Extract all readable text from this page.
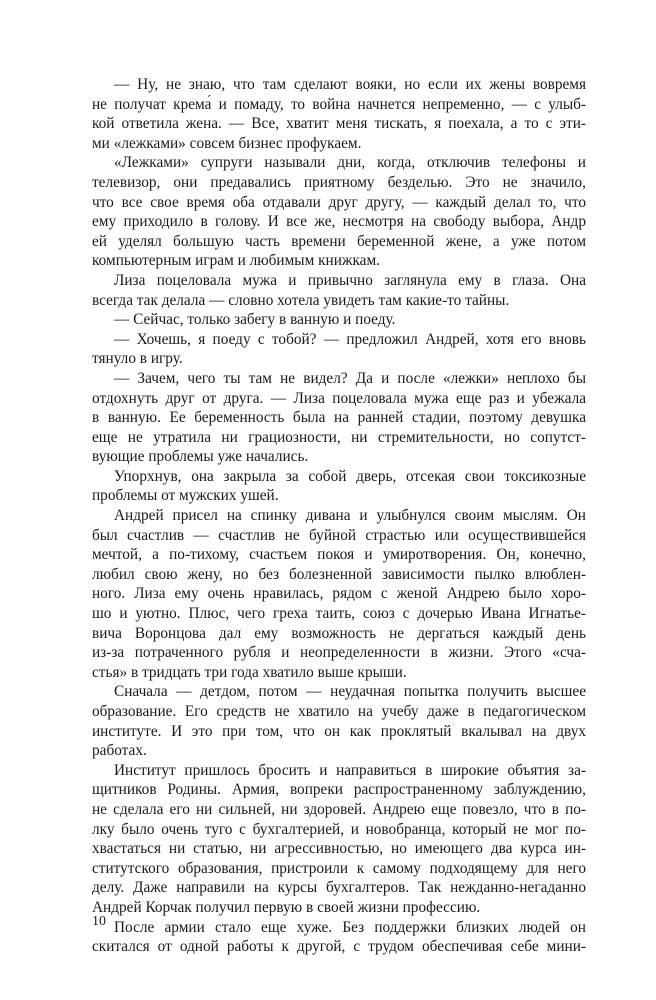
— Ну, не знаю, что там сделают вояки, но если их жены вовремя
не получат крема́ и помаду, то война начнется непременно, — с улыб-
кой ответила жена. — Все, хватит меня тискать, я поехала, а то с эти-
ми «лежками» совсем бизнес профукаем.

«Лежками» супруги называли дни, когда, отключив телефоны и
телевизор, они предавались приятному безделью. Это не значило,
что все свое время оба отдавали друг другу, — каждый делал то, что
ему приходило в голову. И все же, несмотря на свободу выбора, Андр
ей уделял большую часть времени беременной жене, а уже потом
компьютерным играм и любимым книжкам.

Лиза поцеловала мужа и привычно заглянула ему в глаза. Она
всегда так делала — словно хотела увидеть там какие-то тайны.

— Сейчас, только забегу в ванную и поеду.

— Хочешь, я поеду с тобой? — предложил Андрей, хотя его вновь
тянуло в игру.

— Зачем, чего ты там не видел? Да и после «лежки» неплохо бы
отдохнуть друг от друга. — Лиза поцеловала мужа еще раз и убежала
в ванную. Ее беременность была на ранней стадии, поэтому девушка
еще не утратила ни грациозности, ни стремительности, но сопутст-
вующие проблемы уже начались.

Упорхнув, она закрыла за собой дверь, отсекая свои токсикозные
проблемы от мужских ушей.

Андрей присел на спинку дивана и улыбнулся своим мыслям. Он
был счастлив — счастлив не буйной страстью или осуществившейся
мечтой, а по-тихому, счастьем покоя и умиротворения. Он, конечно,
любил свою жену, но без болезненной зависимости пылко влюблен-
ного. Лиза ему очень нравилась, рядом с женой Андрею было хоро-
шо и уютно. Плюс, чего греха таить, союз с дочерью Ивана Игнатье-
вича Воронцова дал ему возможность не дергаться каждый день
из-за потраченного рубля и неопределенности в жизни. Этого «сча-
стья» в тридцать три года хватило выше крыши.

Сначала — детдом, потом — неудачная попытка получить высшее
образование. Его средств не хватило на учебу даже в педагогическом
институте. И это при том, что он как проклятый вкалывал на двух
работах.

Институт пришлось бросить и направиться в широкие объятия за-
щитников Родины. Армия, вопреки распространенному заблуждению,
не сделала его ни сильней, ни здоровей. Андрею еще повезло, что в по-
лку было очень туго с бухгалтерией, и новобранца, который не мог по-
хвастаться ни статью, ни агрессивностью, но имеющего два курса ин-
ститутского образования, пристроили к самому подходящему для него
делу. Даже направили на курсы бухгалтеров. Так нежданно-негаданно
Андрей Корчак получил первую в своей жизни профессию.

После армии стало еще хуже. Без поддержки близких людей он
скитался от одной работы к другой, с трудом обеспечивая себе мини-

10
